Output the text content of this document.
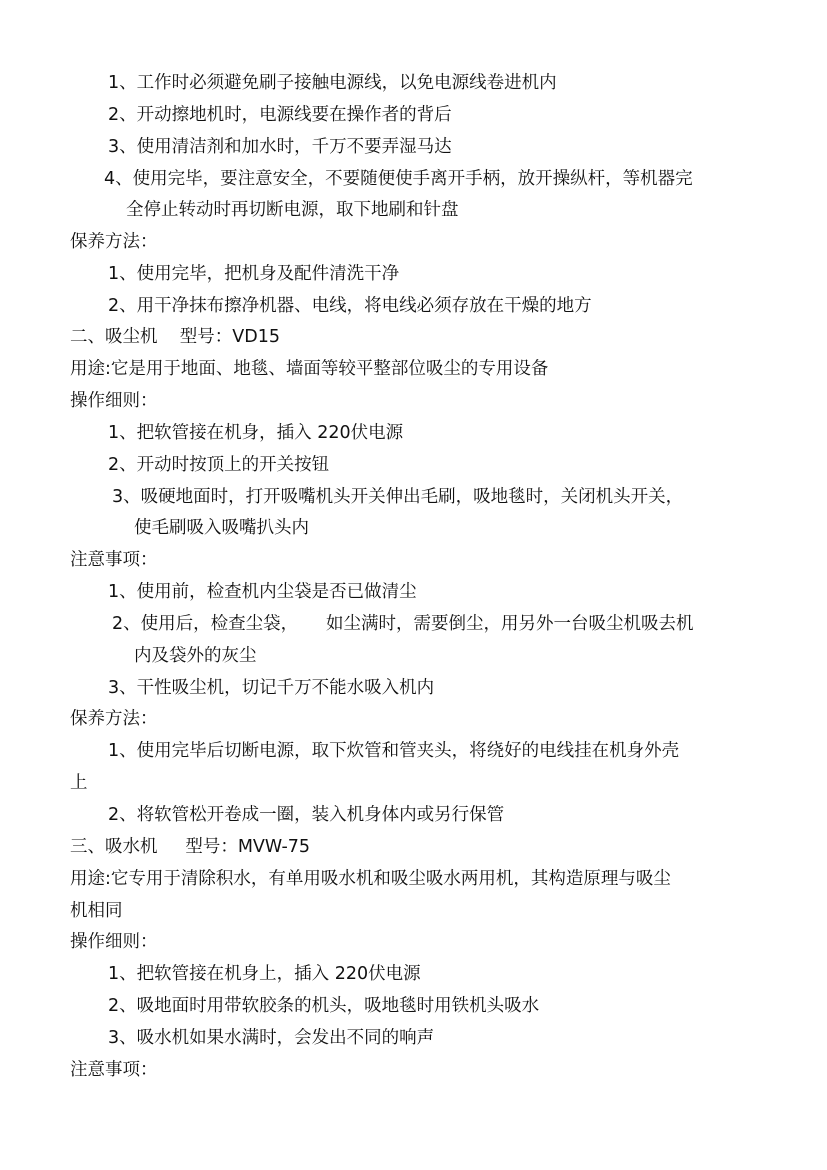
1、工作时必须避免刷子接触电源线，以免电源线卷进机内

2、开动擦地机时，电源线要在操作者的背后

3、使用清洁剂和加水时，千万不要弄湿马达

4、使用完毕，要注意安全，不要随便使手离开手柄，放开操纵杆，等机器完

全停止转动时再切断电源，取下地刷和针盘

保养方法：

1、使用完毕，把机身及配件清洗干净

2、用干净抹布擦净机器、电线，将电线必须存放在干燥的地方

二、吸尘机    型号：VD15

用途:它是用于地面、地毯、墙面等较平整部位吸尘的专用设备

操作细则：

1、把软管接在机身，插入 220伏电源

2、开动时按顶上的开关按钮

3、吸硬地面时，打开吸嘴机头开关伸出毛刷，吸地毯时，关闭机头开关，

使毛刷吸入吸嘴扒头内

注意事项：

1、使用前，检查机内尘袋是否已做清尘

2、使用后，检查尘袋，     如尘满时，需要倒尘，用另外一台吸尘机吸去机

内及袋外的灰尘

3、干性吸尘机，切记千万不能水吸入机内

保养方法：

1、使用完毕后切断电源，取下炊管和管夹头，将绕好的电线挂在机身外壳

上

2、将软管松开卷成一圈，装入机身体内或另行保管

三、吸水机     型号：MVW-75

用途:它专用于清除积水，有单用吸水机和吸尘吸水两用机，其构造原理与吸尘

机相同

操作细则：

1、把软管接在机身上，插入 220伏电源

2、吸地面时用带软胶条的机头，吸地毯时用铁机头吸水

3、吸水机如果水满时，会发出不同的响声

注意事项：
